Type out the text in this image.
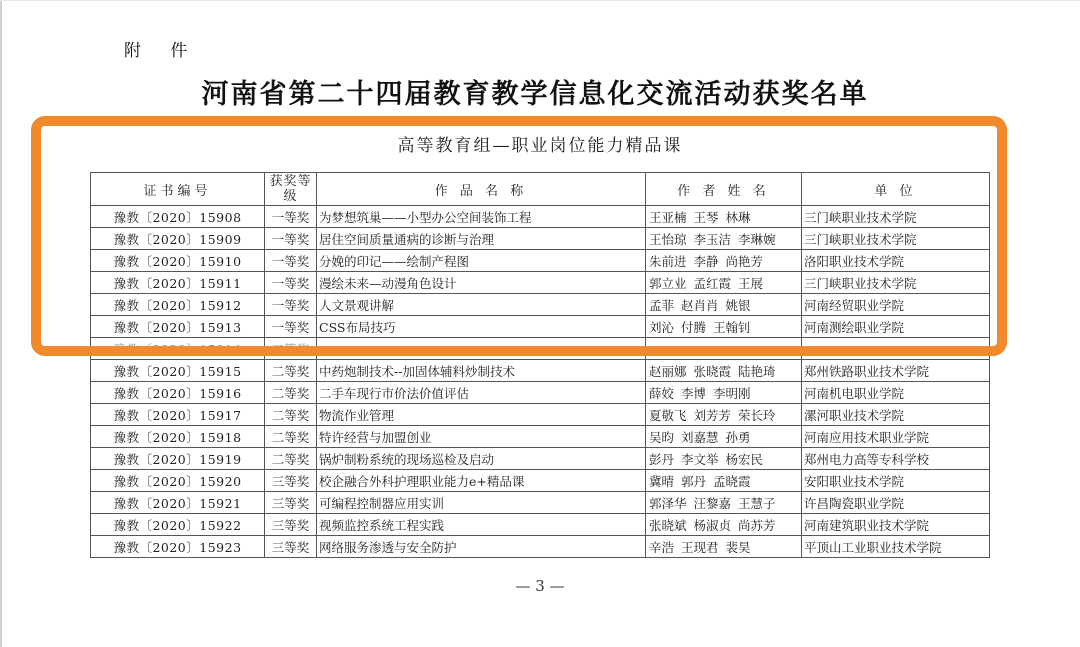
附 件
河南省第二十四届教育教学信息化交流活动获奖名单
高等教育组—职业岗位能力精品课
证书编号	获奖等级	作 品 名 称	作 者 姓 名	单 位
豫教〔2020〕15908	一等奖	为梦想筑巢——小型办公空间装饰工程	王亚楠 王琴 林琳	三门峡职业技术学院
豫教〔2020〕15909	一等奖	居住空间质量通病的诊断与治理	王怡琼 李玉洁 李琳婉	三门峡职业技术学院
豫教〔2020〕15910	一等奖	分娩的印记——绘制产程图	朱前进 李静 尚艳芳	洛阳职业技术学院
豫教〔2020〕15911	一等奖	漫绘未来—动漫角色设计	郭立业 孟红霞 王展	三门峡职业技术学院
豫教〔2020〕15912	一等奖	人文景观讲解	孟菲 赵肖肖 姚银	河南经贸职业学院
豫教〔2020〕15913	一等奖	CSS布局技巧	刘沁 付腾 王翰钊	河南测绘职业学院
豫教〔2020〕15914	二等奖			
豫教〔2020〕15915	二等奖	中药炮制技术--加固体辅料炒制技术	赵丽娜 张晓霞 陆艳琦	郑州铁路职业技术学院
豫教〔2020〕15916	二等奖	二手车现行市价法价值评估	薛姣 李博 李明刚	河南机电职业学院
豫教〔2020〕15917	二等奖	物流作业管理	夏敬飞 刘芳芳 荣长玲	漯河职业技术学院
豫教〔2020〕15918	二等奖	特许经营与加盟创业	吴昀 刘嘉慧 孙勇	河南应用技术职业学院
豫教〔2020〕15919	二等奖	锅炉制粉系统的现场巡检及启动	彭丹 李文举 杨宏民	郑州电力高等专科学校
豫教〔2020〕15920	三等奖	校企融合外科护理职业能力e+精品课	冀晴 郭丹 孟晓霞	安阳职业技术学院
豫教〔2020〕15921	三等奖	可编程控制器应用实训	郭泽华 汪黎嘉 王慧子	许昌陶瓷职业学院
豫教〔2020〕15922	三等奖	视频监控系统工程实践	张晓斌 杨淑贞 尚苏芳	河南建筑职业技术学院
豫教〔2020〕15923	三等奖	网络服务渗透与安全防护	辛浩 王现君 裴昊	平顶山工业职业技术学院
— 3 —
